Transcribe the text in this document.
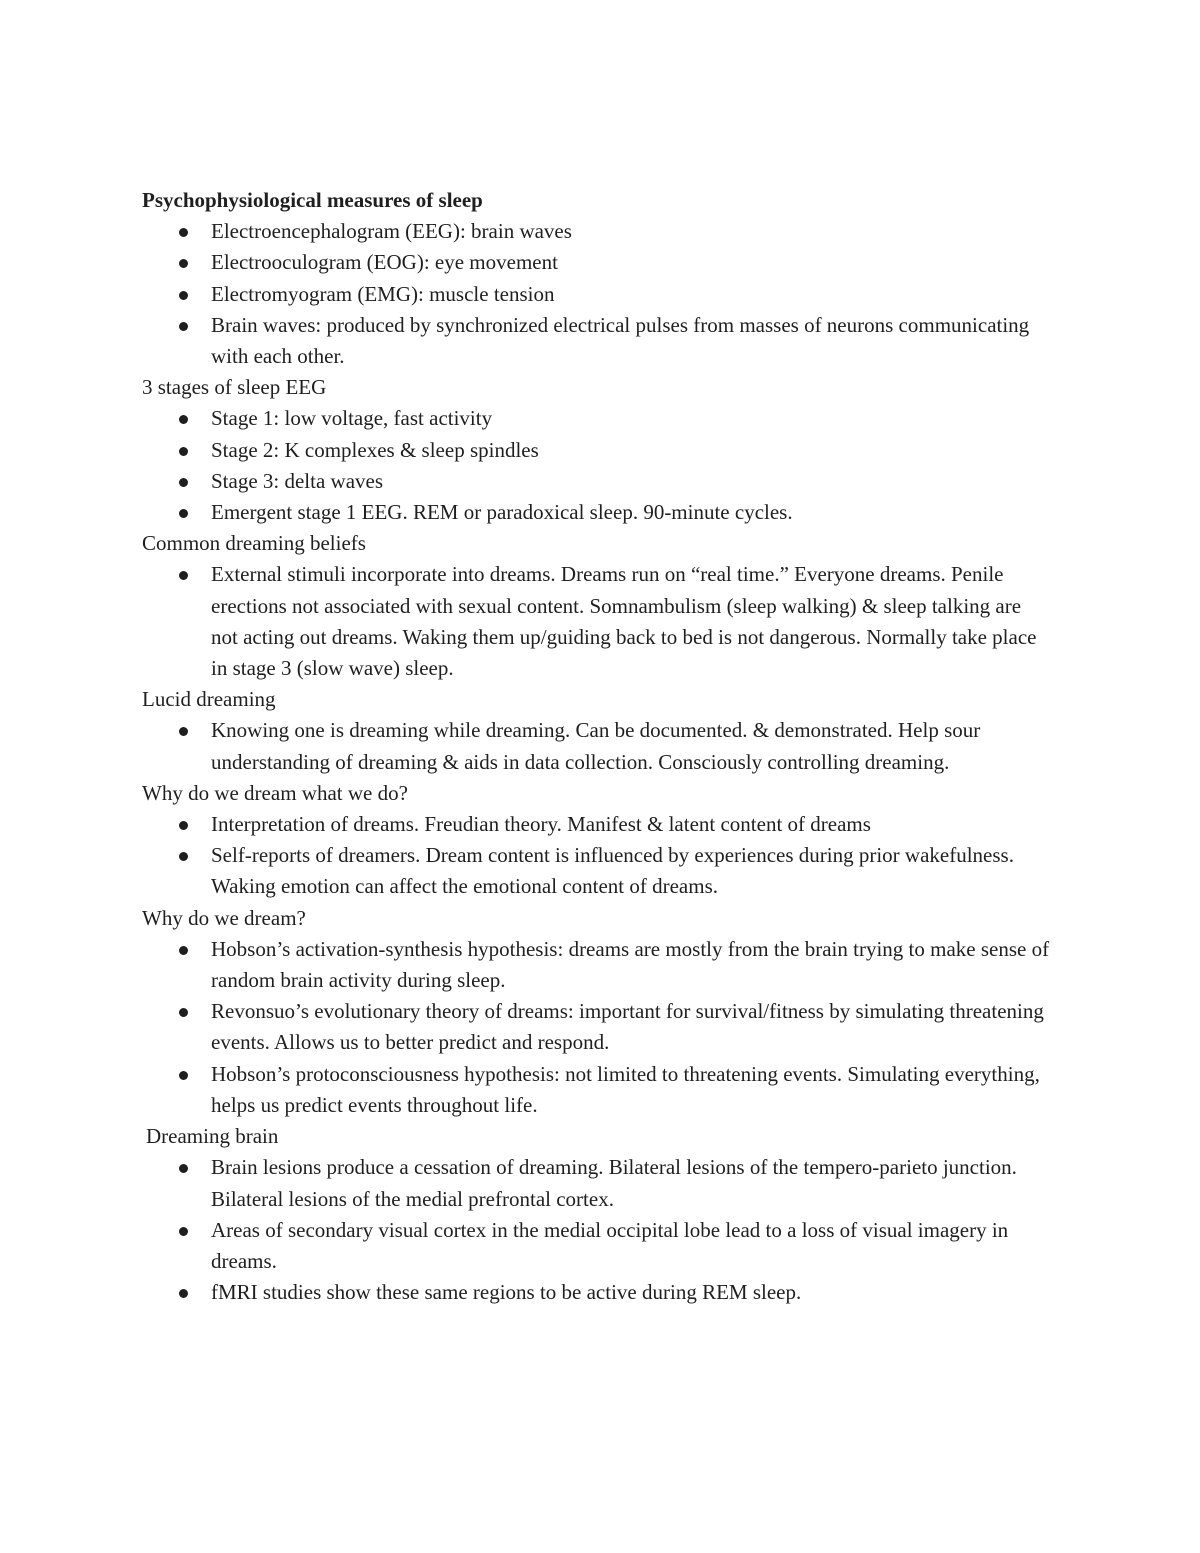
Psychophysiological measures of sleep

Electroencephalogram (EEG): brain waves
Electrooculogram (EOG): eye movement
Electromyogram (EMG): muscle tension
Brain waves: produced by synchronized electrical pulses from masses of neurons communicating with each other.

3 stages of sleep EEG

Stage 1: low voltage, fast activity
Stage 2: K complexes & sleep spindles
Stage 3: delta waves
Emergent stage 1 EEG. REM or paradoxical sleep. 90-minute cycles.

Common dreaming beliefs

External stimuli incorporate into dreams. Dreams run on “real time.” Everyone dreams. Penile erections not associated with sexual content. Somnambulism (sleep walking) & sleep talking are not acting out dreams. Waking them up/guiding back to bed is not dangerous. Normally take place in stage 3 (slow wave) sleep.

Lucid dreaming

Knowing one is dreaming while dreaming. Can be documented. & demonstrated. Help sour understanding of dreaming & aids in data collection. Consciously controlling dreaming.

Why do we dream what we do?

Interpretation of dreams. Freudian theory. Manifest & latent content of dreams
Self-reports of dreamers. Dream content is influenced by experiences during prior wakefulness. Waking emotion can affect the emotional content of dreams.

Why do we dream?

Hobson’s activation-synthesis hypothesis: dreams are mostly from the brain trying to make sense of random brain activity during sleep.
Revonsuo’s evolutionary theory of dreams: important for survival/fitness by simulating threatening events. Allows us to better predict and respond.
Hobson’s protoconsciousness hypothesis: not limited to threatening events. Simulating everything, helps us predict events throughout life.

Dreaming brain

Brain lesions produce a cessation of dreaming. Bilateral lesions of the tempero-parieto junction. Bilateral lesions of the medial prefrontal cortex.
Areas of secondary visual cortex in the medial occipital lobe lead to a loss of visual imagery in dreams.
fMRI studies show these same regions to be active during REM sleep.
